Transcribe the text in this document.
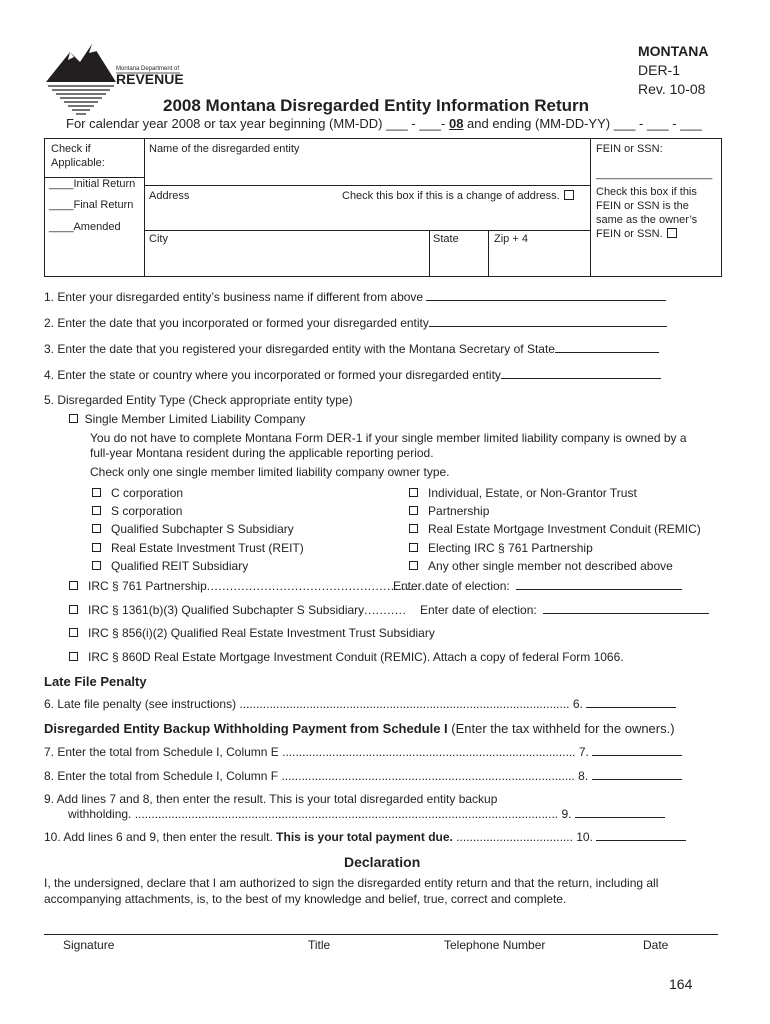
Montana Department of
REVENUE
MONTANA
DER-1
Rev. 10-08
2008 Montana Disregarded Entity Information Return
For calendar year 2008 or tax year beginning (MM-DD) ___ - ___- 08 and ending (MM-DD-YY) ___ - ___ - ___
Check if Applicable:
____Initial Return
____Final Return
____Amended
Name of the disregarded entity
Address	Check this box if this is a change of address.
City	State	Zip + 4
FEIN or SSN:
___________________
Check this box if this FEIN or SSN is the same as the owner’s FEIN or SSN.
1. Enter your disregarded entity’s business name if different from above
2. Enter the date that you incorporated or formed your disregarded entity
3. Enter the date that you registered your disregarded entity with the Montana Secretary of State
4. Enter the state or country where you incorporated or formed your disregarded entity
5. Disregarded Entity Type (Check appropriate entity type)
Single Member Limited Liability Company
You do not have to complete Montana Form DER-1 if your single member limited liability company is owned by a
full-year Montana resident during the applicable reporting period.
Check only one single member limited liability company owner type.
C corporation
S corporation
Qualified Subchapter S Subsidiary
Real Estate Investment Trust (REIT)
Qualified REIT Subsidiary
Individual, Estate, or Non-Grantor Trust
Partnership
Real Estate Mortgage Investment Conduit (REMIC)
Electing IRC § 761 Partnership
Any other single member not described above
IRC § 761 Partnership.........................................................
Enter date of election:
IRC § 1361(b)(3) Qualified Subchapter S Subsidiary........... Enter date of election:
IRC § 856(i)(2) Qualified Real Estate Investment Trust Subsidiary
IRC § 860D Real Estate Mortgage Investment Conduit (REMIC). Attach a copy of federal Form 1066.
Late File Penalty
6. Late file penalty (see instructions) ................................................................................................... 6.
Disregarded Entity Backup Withholding Payment from Schedule I (Enter the tax withheld for the owners.)
7. Enter the total from Schedule I, Column E ........................................................................................ 7.
8. Enter the total from Schedule I, Column F ........................................................................................ 8.
9. Add lines 7 and 8, then enter the result. This is your total disregarded entity backup
withholding. ............................................................................................................................... 9.
10. Add lines 6 and 9, then enter the result. This is your total payment due. ................................... 10.
Declaration
I, the undersigned, declare that I am authorized to sign the disregarded entity return and that the return, including all
accompanying attachments, is, to the best of my knowledge and belief, true, correct and complete.
Signature	Title	Telephone Number	Date
164
